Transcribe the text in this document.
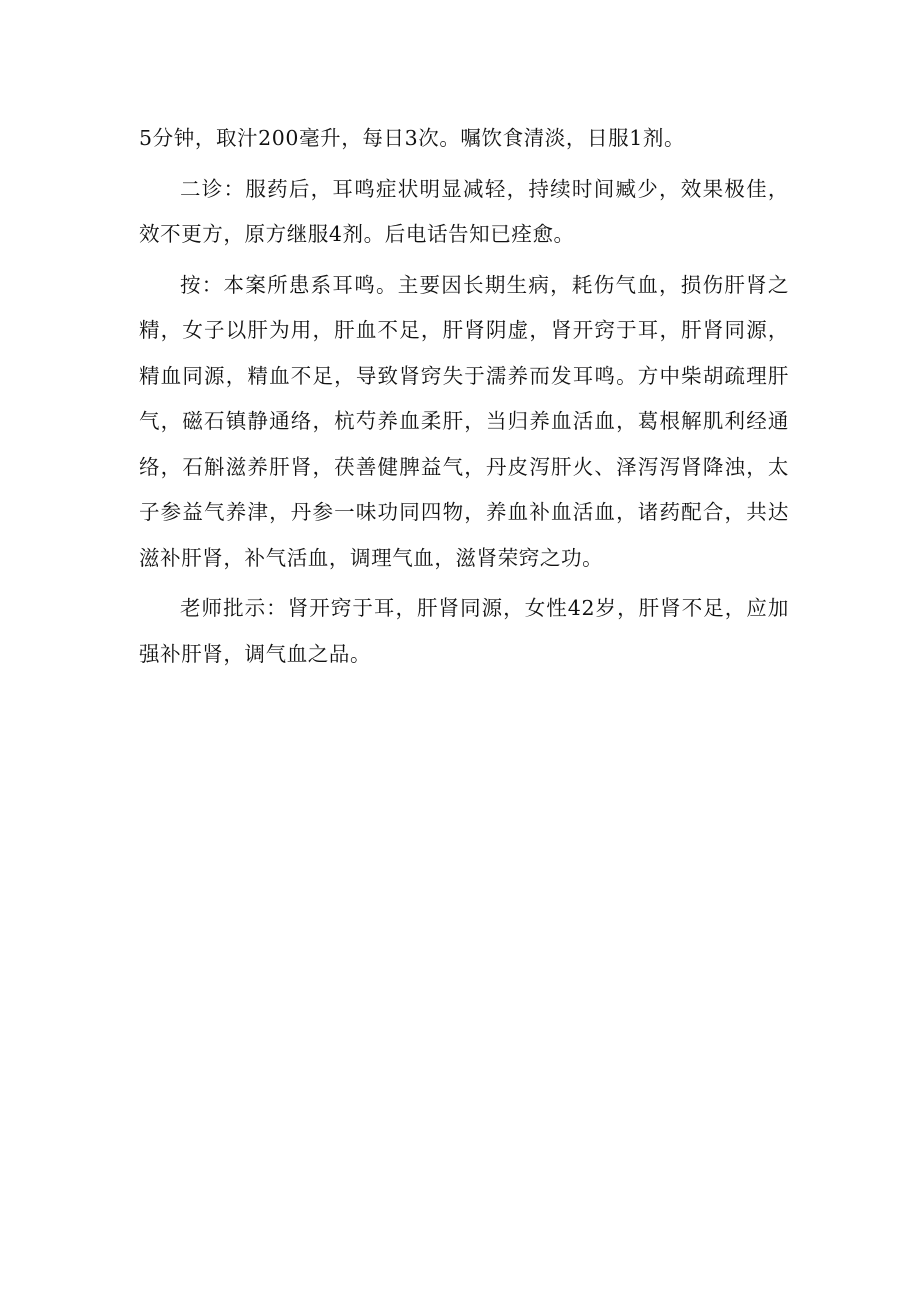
5分钟，取汁200毫升，每日3次。嘱饮食清淡，日服1剂。

二诊：服药后，耳鸣症状明显减轻，持续时间臧少，效果极佳，效不更方，原方继服4剂。后电话告知已痊愈。

按：本案所患系耳鸣。主要因长期生病，耗伤气血，损伤肝肾之精，女子以肝为用，肝血不足，肝肾阴虚，肾开窍于耳，肝肾同源，精血同源，精血不足，导致肾窍失于濡养而发耳鸣。方中柴胡疏理肝气，磁石镇静通络，杭芍养血柔肝，当归养血活血，葛根解肌利经通络，石斛滋养肝肾，茯善健脾益气，丹皮泻肝火、泽泻泻肾降浊，太子参益气养津，丹参一味功同四物，养血补血活血，诸药配合，共达滋补肝肾，补气活血，调理气血，滋肾荣窍之功。

老师批示：肾开窍于耳，肝肾同源，女性42岁，肝肾不足，应加强补肝肾，调气血之品。
